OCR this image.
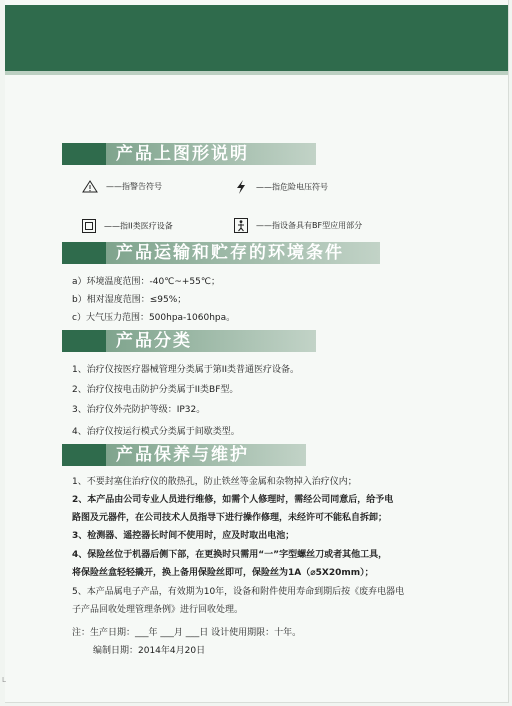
产品上图形说明
——指警告符号	——指危险电压符号
——指II类医疗设备	——指设备具有BF型应用部分
产品运输和贮存的环境条件
a）环境温度范围：-40℃~+55℃；
b）相对湿度范围：≤95%；
c）大气压力范围：500hpa-1060hpa。
产品分类
1、治疗仪按医疗器械管理分类属于第II类普通医疗设备。
2、治疗仪按电击防护分类属于II类BF型。
3、治疗仪外壳防护等级：IP32。
4、治疗仪按运行模式分类属于间歇类型。
产品保养与维护
1、不要封塞住治疗仪的散热孔，防止铁丝等金属和杂物掉入治疗仪内；
2、本产品由公司专业人员进行维修，如需个人修理时，需经公司同意后，给予电
路图及元器件，在公司技术人员指导下进行操作修理，未经许可不能私自拆卸；
3、检测器、遥控器长时间不使用时，应及时取出电池；
4、保险丝位于机器后侧下部，在更换时只需用“一”字型螺丝刀或者其他工具，
将保险丝盒轻轻撬开，换上备用保险丝即可，保险丝为1A（⌀5X20mm）；
5、本产品属电子产品，有效期为10年，设备和附件使用寿命到期后按《废弃电器电
子产品回收处理管理条例》进行回收处理。
注：生产日期：___年 ___月 ___日 设计使用期限：十年。
编制日期：2014年4月20日
L
